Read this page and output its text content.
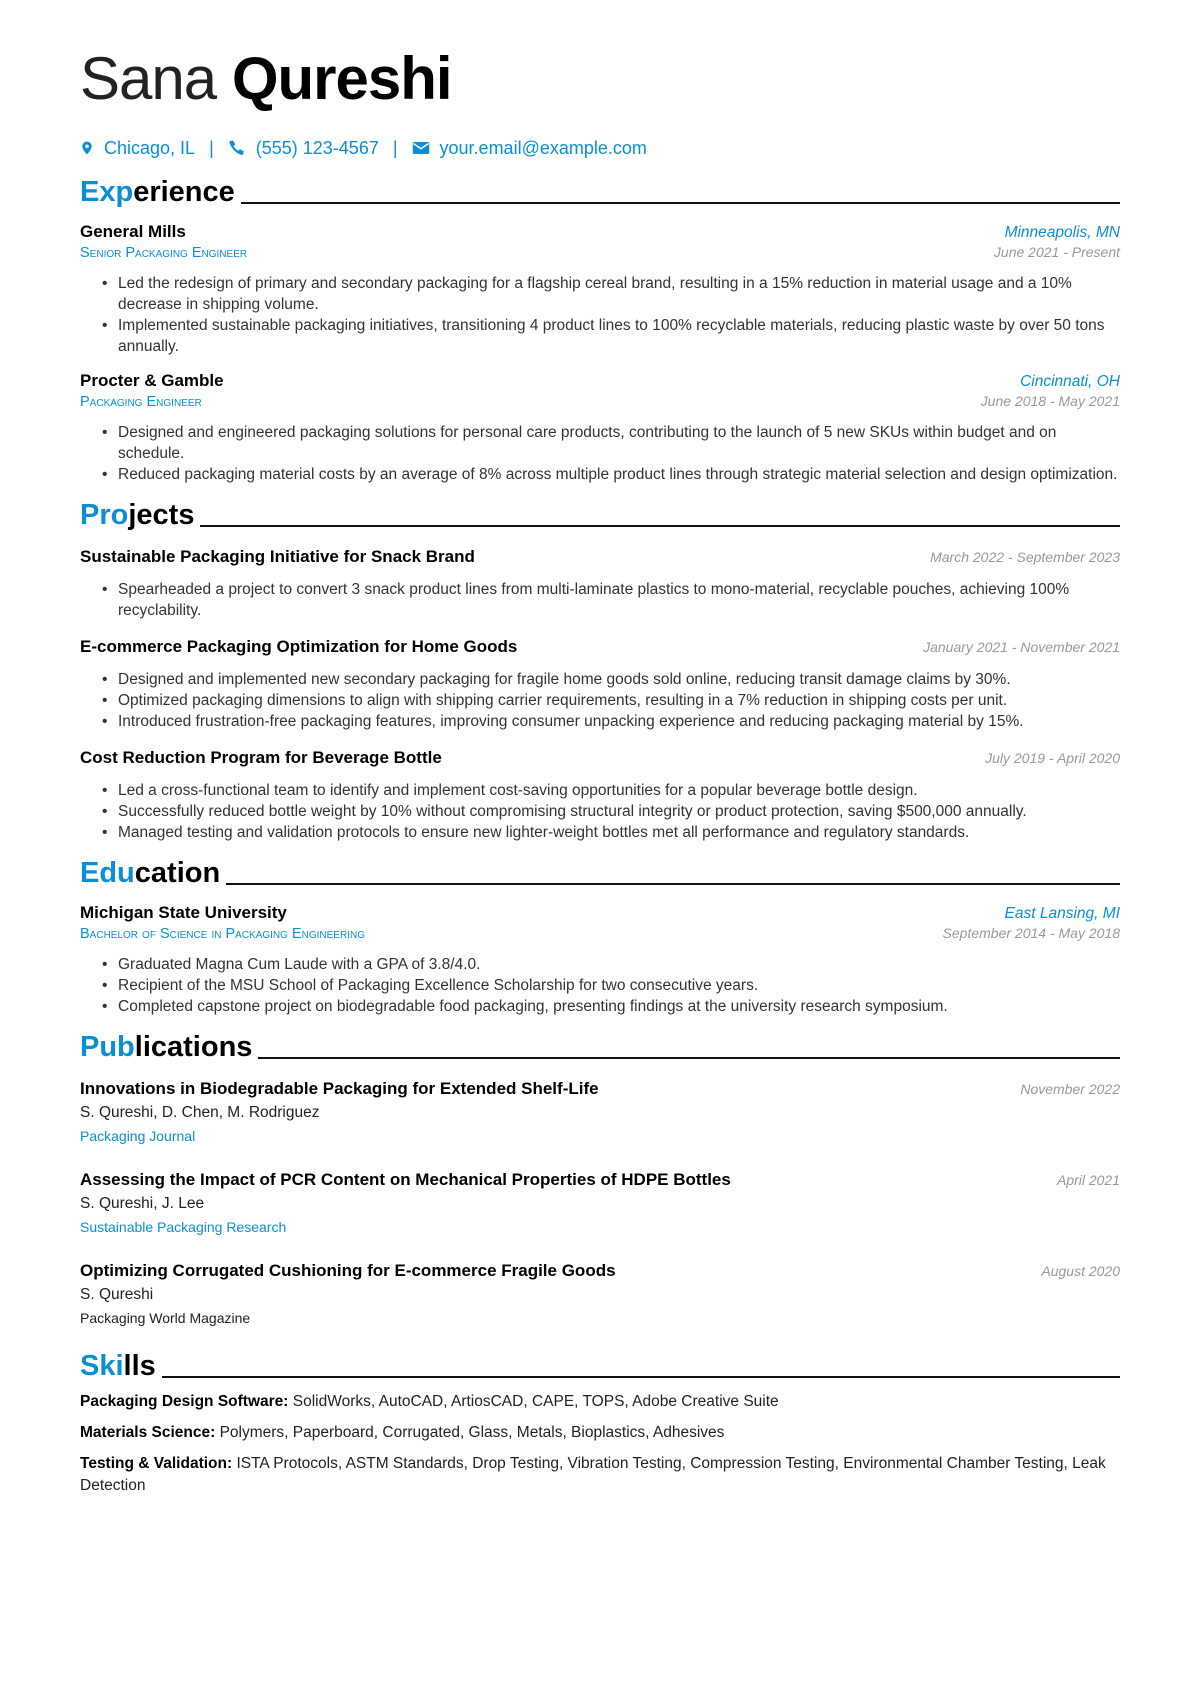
Sana Qureshi
Chicago, IL | (555) 123-4567 | your.email@example.com
Experience
General Mills	Minneapolis, MN
Senior Packaging Engineer	June 2021 - Present
• Led the redesign of primary and secondary packaging for a flagship cereal brand, resulting in a 15% reduction in material usage and a 10% decrease in shipping volume.
• Implemented sustainable packaging initiatives, transitioning 4 product lines to 100% recyclable materials, reducing plastic waste by over 50 tons annually.
Procter & Gamble	Cincinnati, OH
Packaging Engineer	June 2018 - May 2021
• Designed and engineered packaging solutions for personal care products, contributing to the launch of 5 new SKUs within budget and on schedule.
• Reduced packaging material costs by an average of 8% across multiple product lines through strategic material selection and design optimization.
Projects
Sustainable Packaging Initiative for Snack Brand	March 2022 - September 2023
• Spearheaded a project to convert 3 snack product lines from multi-laminate plastics to mono-material, recyclable pouches, achieving 100% recyclability.
E-commerce Packaging Optimization for Home Goods	January 2021 - November 2021
• Designed and implemented new secondary packaging for fragile home goods sold online, reducing transit damage claims by 30%.
• Optimized packaging dimensions to align with shipping carrier requirements, resulting in a 7% reduction in shipping costs per unit.
• Introduced frustration-free packaging features, improving consumer unpacking experience and reducing packaging material by 15%.
Cost Reduction Program for Beverage Bottle	July 2019 - April 2020
• Led a cross-functional team to identify and implement cost-saving opportunities for a popular beverage bottle design.
• Successfully reduced bottle weight by 10% without compromising structural integrity or product protection, saving $500,000 annually.
• Managed testing and validation protocols to ensure new lighter-weight bottles met all performance and regulatory standards.
Education
Michigan State University	East Lansing, MI
Bachelor of Science in Packaging Engineering	September 2014 - May 2018
• Graduated Magna Cum Laude with a GPA of 3.8/4.0.
• Recipient of the MSU School of Packaging Excellence Scholarship for two consecutive years.
• Completed capstone project on biodegradable food packaging, presenting findings at the university research symposium.
Publications
Innovations in Biodegradable Packaging for Extended Shelf-Life	November 2022
S. Qureshi, D. Chen, M. Rodriguez
Packaging Journal
Assessing the Impact of PCR Content on Mechanical Properties of HDPE Bottles	April 2021
S. Qureshi, J. Lee
Sustainable Packaging Research
Optimizing Corrugated Cushioning for E-commerce Fragile Goods	August 2020
S. Qureshi
Packaging World Magazine
Skills
Packaging Design Software: SolidWorks, AutoCAD, ArtiosCAD, CAPE, TOPS, Adobe Creative Suite
Materials Science: Polymers, Paperboard, Corrugated, Glass, Metals, Bioplastics, Adhesives
Testing & Validation: ISTA Protocols, ASTM Standards, Drop Testing, Vibration Testing, Compression Testing, Environmental Chamber Testing, Leak Detection
